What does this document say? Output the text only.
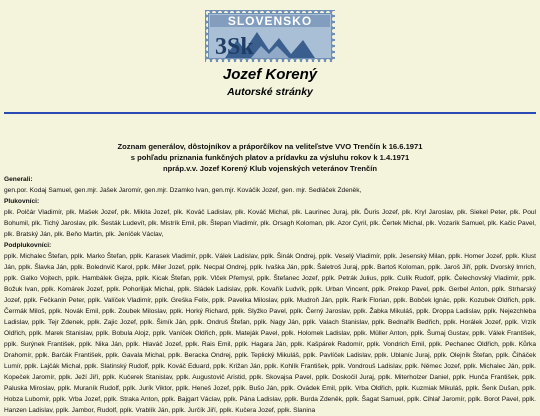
SLOVENSKO
3Sk
Jozef Korený
Autorské stránky
Zoznam generálov, dôstojníkov a práporčíkov na veliteľstve VVO Trenčín k 16.6.1971
s pohľadu priznania funkčných platov a prídavku za výsluhu rokov k 1.4.1971
npráp.v.v. Jozef Korený Klub vojenských veteránov Trenčín
Generali:
gen.por. Kodaj Samuel, gen.mjr. Jašek Jaromír, gen.mjr. Dzamko Ivan, gen.mjr. Kováčik Jozef, gen. mjr. Sedláček Zdeněk,
Plukovníci:
plk. Polčár Vladimír, plk. Mašek Jozef, plk. Mikita Jozef, plk. Kováč Ladislav, plk. Kováč Michal, plk. Laurinec Juraj, plk. Ďuris Jozef, plk. Kryl Jaroslav, plk. Siekel Peter, plk. Poul Bohumil, plk. Tichý Jaroslav, plk. Šesták Ludevít, plk. Mistrík Emil, plk. Štepan Vladimír, plk. Orsagh Koloman, plk. Azor Cyril, plk. Čertek Michal, plk. Vozarik Samuel, plk. Kačic Pavel, plk. Bratský Ján, plk. Beňo Martin, plk. Jeníček Václav,
Podplukovníci:
pplk. Michalec Štefan, pplk. Marko Štefan, pplk. Karasek Vladimír, pplk. Válek Ladislav, pplk. Šinák Ondrej, pplk. Veselý Vladimír, pplk. Jesenský Milan, pplk. Homer Jozef, pplk. Klust Ján, pplk. Šlavka Ján, pplk. Bolednvič Karol, pplk. Miler Jozef, pplk. Necpal Ondrej, pplk. Ivaška Ján, pplk. Šaletroš Juraj, pplk. Bartoš Koloman, pplk. Jaroš Jiří, pplk. Dvorský Imrich, pplk. Galko Vojtech, pplk. Hambálek Gejza, pplk. Kicak Štefan, pplk. Vlček Přemysl, pplk. Štefanec Jozef, pplk. Petrák Julius, pplk. Culík Rudolf, pplk. Čelechovský Vladimír, pplk. Božuk Ivan, pplk. Komárek Jozef, pplk. Pohoriljak Michal, pplk. Sládek Ladislav, pplk. Kovařík Ludvík, pplk. Urban Vincent, pplk. Prekop Pavel, pplk. Gerbel Anton, pplk. Strharský Jozef, pplk. Fečkanin Peter, pplk. Valíček Vladimír, pplk. Greška Felix, pplk. Pavelka Miloslav, pplk. Mudroň Ján, pplk. Rarik Florian, pplk. Bobček Ignác, pplk. Kozubek Oldřich, pplk. Čermák Miloš, pplk. Novák Emil, pplk. Zoubek Miloslav, pplk. Horký Richard, pplk. Slyžko Pavel, pplk. Černý Jaroslav, pplk. Žabka Mikuláš, pplk. Droppa Ladislav, pplk. Nejezchleba Ladislav, pplk. Tejr Zdenek, pplk. Zajic Jozef, pplk. Šimík Ján, pplk. Ondruš Štefan, pplk. Nagy Ján, pplk. Valach Stanislav, pplk. Bednařík Bedřich, pplk. Horálek Jozef, pplk. Vrzík Oldřich, pplk. Marek Stanislav, pplk. Bobula Alojz, pplk. Vaníček Oldřich, pplk. Mateják Pavel, pplk. Holomek Ladislav, pplk. Müller Anton, pplk. Šumaj Gustav, pplk. Válek František, pplk. Surýnek František, pplk. Nika Ján, pplk. Hlaváč Jozef, pplk. Rais Emil, pplk. Hagara Ján, pplk. Kašpárek Radomír, pplk. Vondrich Emil, pplk. Pechanec Oldřich, pplk. Kůrka Drahomír, pplk. Barčák František, pplk. Gavala Michal, pplk. Beracka Ondrej, pplk. Teplický Mikuláš, pplk. Pavlíček Ladislav, pplk. Ublaníc Juraj, pplk. Olejník Štefan, pplk. Čiháček Lumír, pplk. Lajčák Michal, pplk. Slatinský Rudolf, pplk. Kováč Eduard, pplk. Križan Ján, pplk. Kohlík František, pplk. Vondrouš Ladislav, pplk. Němec Jozef, pplk. Michalec Ján, pplk. Kopeček Jaromír, pplk. Ježí Jiří, pplk. Kučerek Stanislav, pplk. Augustovič Aristid, pplk. Skovajsa Pavel, pplk. Doskočil Juraj, pplk. Miterholzer Daniel, pplk. Hunča František, pplk. Paluska Miroslav, pplk. Muraník Rudolf, pplk. Jurík Viktor, pplk. Heneš Jozef, pplk. Bušo Ján, pplk. Ovádek Emil, pplk. Vrba Oldřich, pplk. Kuzmiak Mikuláš, pplk. Šenk Dušan, pplk. Hobza Lubomír, pplk. Vrba Jozef, pplk. Straka Anton, pplk. Bajgart Václav, pplk. Pána Ladislav, pplk. Burda Zdeněk, pplk. Šagat Samuel, pplk. Cihlař Jaromír, pplk. Borot Pavel, pplk. Hanzen Ladislav, pplk. Jambor, Rudolf, pplk. Vrablík Ján, pplk. Jurčík Jiří, pplk. Kučera Jozef, pplk. Slanina
